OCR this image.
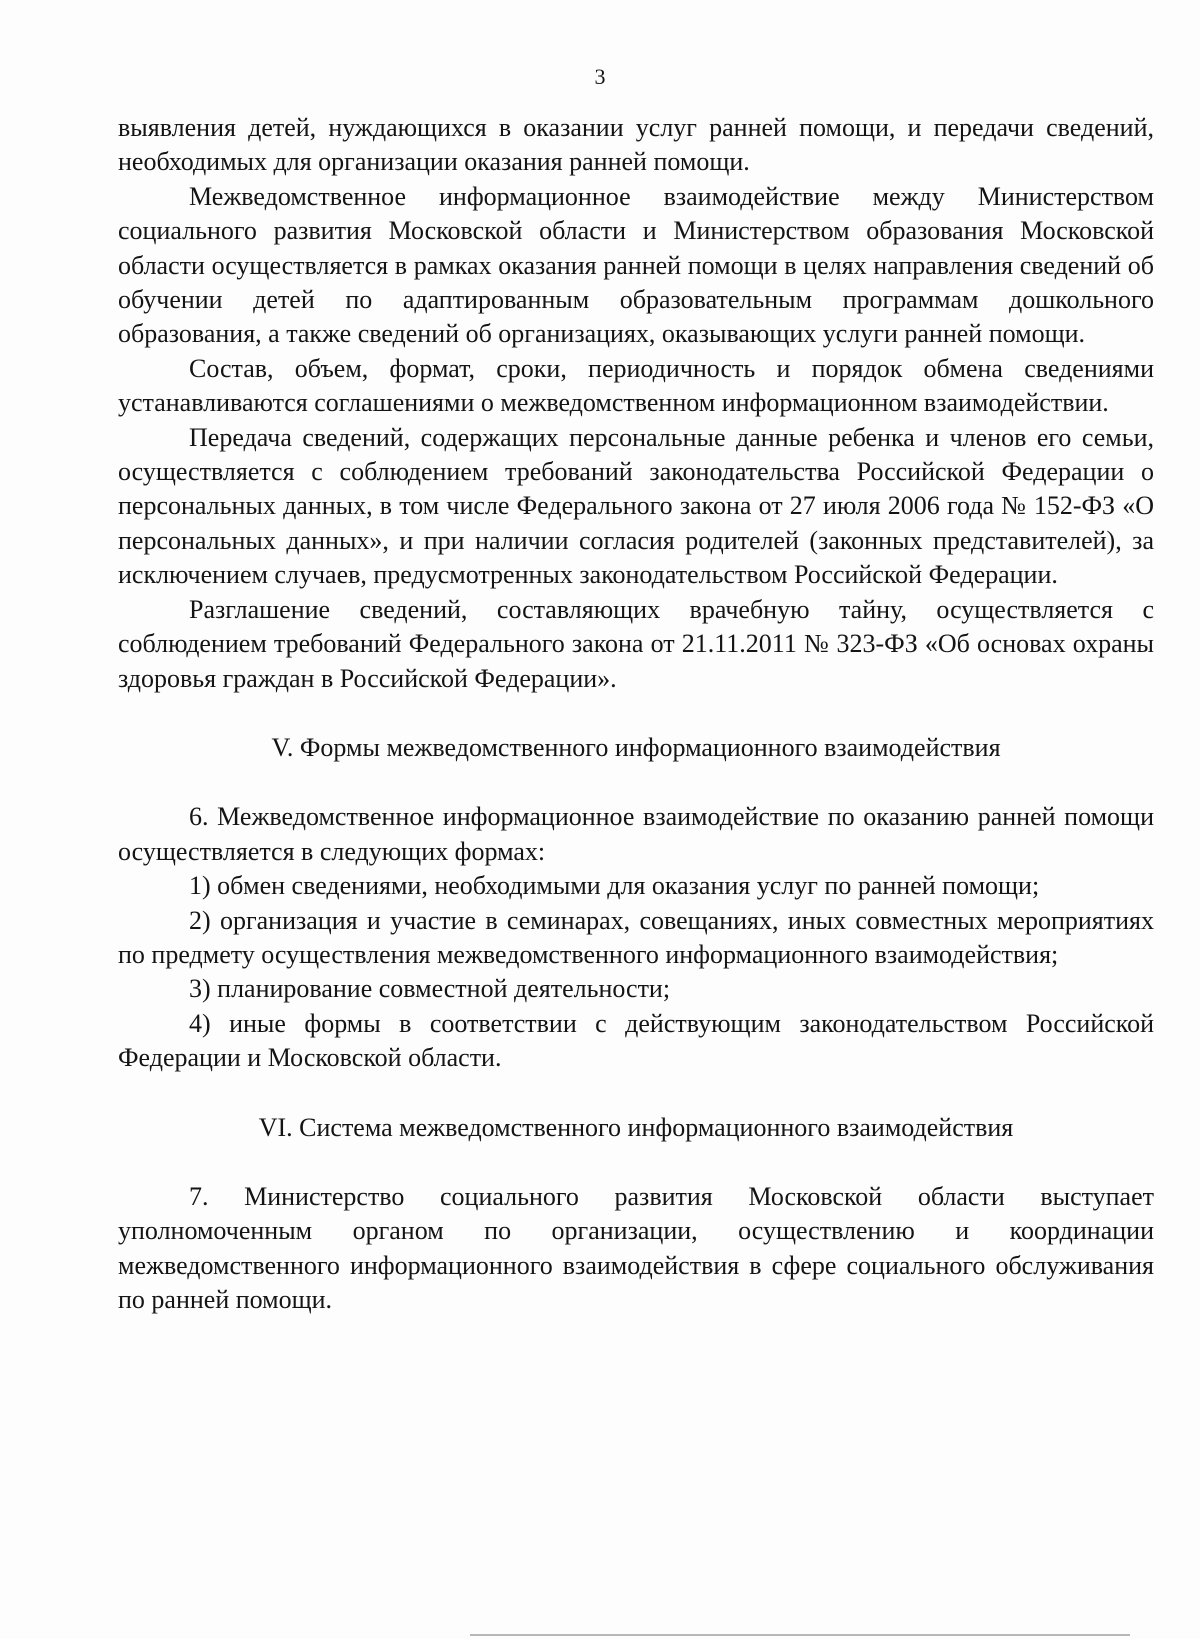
3

выявления детей, нуждающихся в оказании услуг ранней помощи, и передачи сведений, необходимых для организации оказания ранней помощи.

Межведомственное информационное взаимодействие между Министерством социального развития Московской области и Министерством образования Московской области осуществляется в рамках оказания ранней помощи в целях направления сведений об обучении детей по адаптированным образовательным программам дошкольного образования, а также сведений об организациях, оказывающих услуги ранней помощи.

Состав, объем, формат, сроки, периодичность и порядок обмена сведениями устанавливаются соглашениями о межведомственном информационном взаимодействии.

Передача сведений, содержащих персональные данные ребенка и членов его семьи, осуществляется с соблюдением требований законодательства Российской Федерации о персональных данных, в том числе Федерального закона от 27 июля 2006 года № 152-ФЗ «О персональных данных», и при наличии согласия родителей (законных представителей), за исключением случаев, предусмотренных законодательством Российской Федерации.

Разглашение сведений, составляющих врачебную тайну, осуществляется с соблюдением требований Федерального закона от 21.11.2011 № 323-ФЗ «Об основах охраны здоровья граждан в Российской Федерации».

V. Формы межведомственного информационного взаимодействия

6. Межведомственное информационное взаимодействие по оказанию ранней помощи осуществляется в следующих формах:

1) обмен сведениями, необходимыми для оказания услуг по ранней помощи;

2) организация и участие в семинарах, совещаниях, иных совместных мероприятиях по предмету осуществления межведомственного информационного взаимодействия;

3) планирование совместной деятельности;

4) иные формы в соответствии с действующим законодательством Российской Федерации и Московской области.

VI. Система межведомственного информационного взаимодействия

7. Министерство социального развития Московской области выступает уполномоченным органом по организации, осуществлению и координации межведомственного информационного взаимодействия в сфере социального обслуживания по ранней помощи.
